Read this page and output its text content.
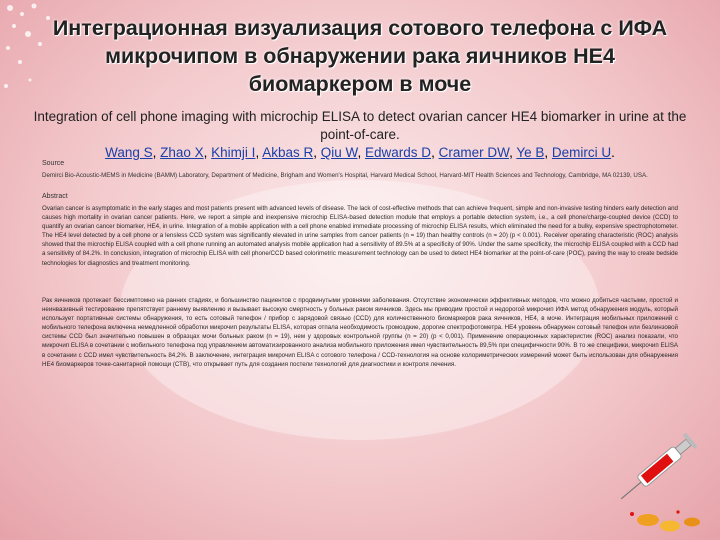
Интеграционная визуализация сотового телефона с ИФА микрочипом в обнаружении рака яичников HE4 биомаркером в моче
Integration of cell phone imaging with microchip ELISA to detect ovarian cancer HE4 biomarker in urine at the point-of-care.
Wang S, Zhao X, Khimji I, Akbas R, Qiu W, Edwards D, Cramer DW, Ye B, Demirci U.
Source
Demirci Bio-Acoustic-MEMS in Medicine (BAMM) Laboratory, Department of Medicine, Brigham and Women's Hospital, Harvard Medical School, Harvard-MIT Health Sciences and Technology, Cambridge, MA 02139, USA.
Abstract
Ovarian cancer is asymptomatic in the early stages and most patients present with advanced levels of disease. The lack of cost-effective methods that can achieve frequent, simple and non-invasive testing hinders early detection and causes high mortality in ovarian cancer patients. Here, we report a simple and inexpensive microchip ELISA-based detection module that employs a portable detection system, i.e., a cell phone/charge-coupled device (CCD) to quantify an ovarian cancer biomarker, HE4, in urine. Integration of a mobile application with a cell phone enabled immediate processing of microchip ELISA results, which eliminated the need for a bulky, expensive spectrophotometer. The HE4 level detected by a cell phone or a lensless CCD system was significantly elevated in urine samples from cancer patients (n = 19) than healthy controls (n = 20) (p < 0.001). Receiver operating characteristic (ROC) analysis showed that the microchip ELISA coupled with a cell phone running an automated analysis mobile application had a sensitivity of 89.5% at a specificity of 90%. Under the same specificity, the microchip ELISA coupled with a CCD had a sensitivity of 84.2%. In conclusion, integration of microchip ELISA with cell phone/CCD based colorimetric measurement technology can be used to detect HE4 biomarker at the point-of-care (POC), paving the way to create bedside technologies for diagnostics and treatment monitoring.
Рак яичников протекает бессимптомно на ранних стадиях, и большинство пациентов с продвинутыми уровнями заболевания. Отсутствие экономически эффективных методов, что можно добиться частыми, простой и неинвазивный тестирование препятствует раннему выявлению и вызывает высокую смертность у больных раком яичников. Здесь мы приводим простой и недорогой микрочип ИФА метод обнаружения модуль, который использует портативные системы обнаружения, то есть сотовый телефон / прибор с зарядовой связью (CCD) для количественного биомаркеров рака яичников, HE4, в моче. Интеграция мобильных приложений с мобильного телефона включена немедленной обработки микрочип результаты ELISA, которая отпала необходимость громоздкие, дорогие спектрофотометра. HE4 уровень обнаружен сотовый телефон или безлинзовой системы CCD был значительно повышен в образцах мочи больных раком (n = 19), нем у здоровых контрольной группы (n = 20) (p < 0,001). Применение операционных характеристик (ROC) анализ показали, что микрочип ELISA в сочетании с мобильного телефона под управлением автоматизированного анализа мобильного приложения имел чувствительность 89,5% при специфичности 90%. В то же специфики, микрочип ELISA в сочетании с CCD имел чувствительность 84,2%. В заключение, интеграция микрочип ELISA с сотового телефона / CCD-технология на основе колориметрических измерений может быть использован для обнаружения HE4 биомаркеров точке-санитарной помощи (СТВ), что открывает путь для создания постели технологий для диагностики и контроля лечения.
